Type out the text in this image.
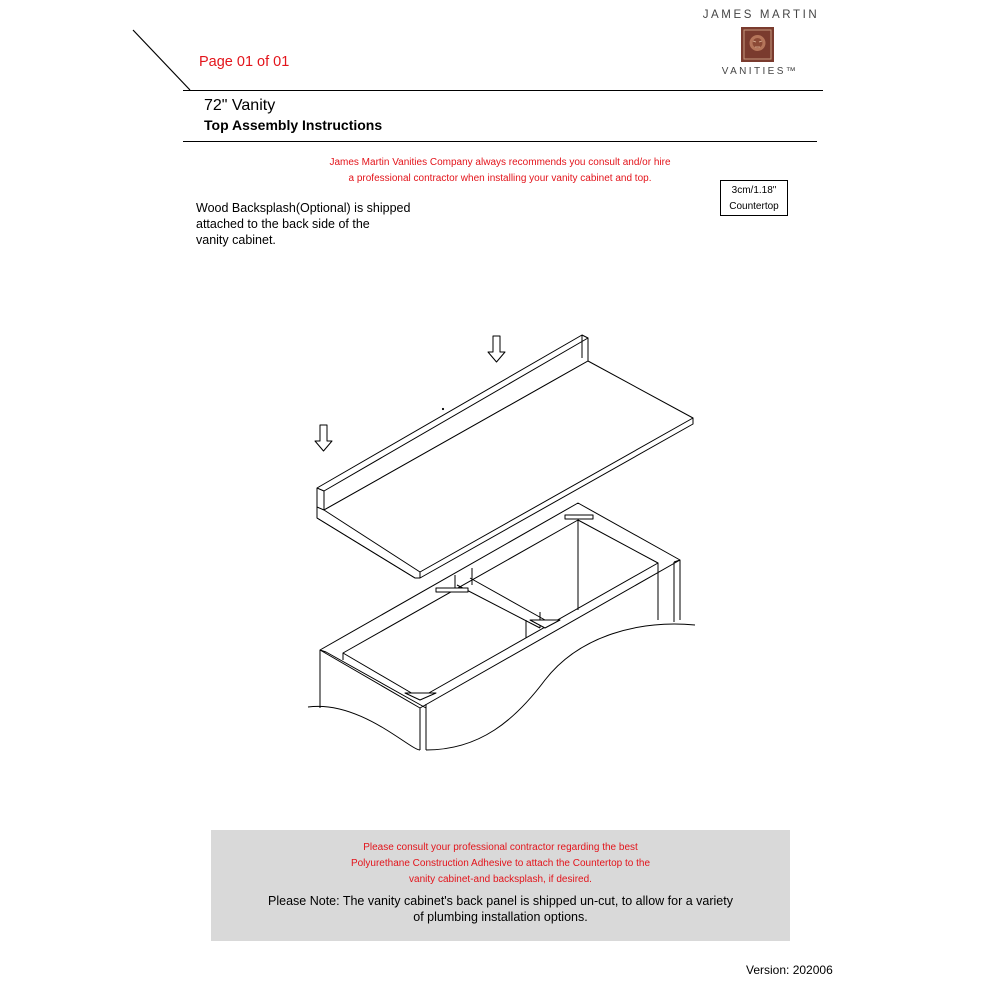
Page 01 of 01
72" Vanity
Top Assembly Instructions
JAMES MARTIN
VANITIES™
James Martin Vanities Company always recommends you consult and/or hire
a professional contractor when installing your vanity cabinet and top.
3cm/1.18"
Countertop
Wood Backsplash(Optional) is shipped
attached to the back side of the
vanity cabinet.
Please consult your professional contractor regarding the best
Polyurethane Construction Adhesive to attach the Countertop to the
vanity cabinet-and backsplash, if desired.
Please Note: The vanity cabinet's back panel is shipped un-cut, to allow for a variety
of plumbing installation options.
Version: 202006
